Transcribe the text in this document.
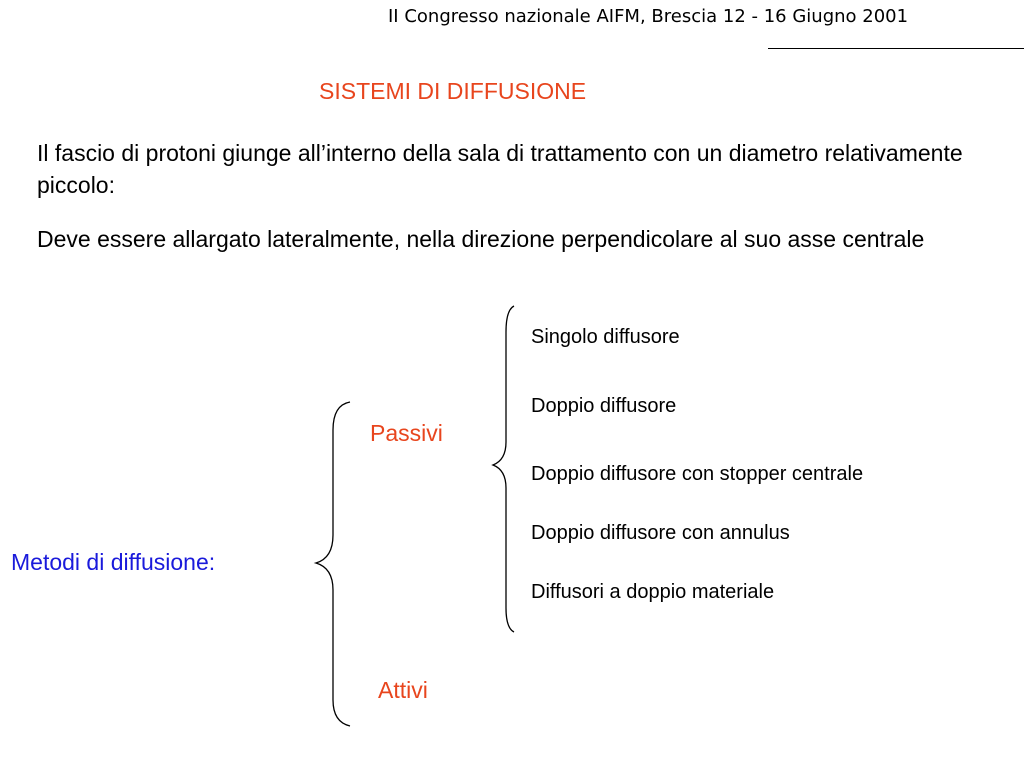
II Congresso nazionale AIFM, Brescia 12 - 16 Giugno 2001
SISTEMI DI DIFFUSIONE
Il fascio di protoni giunge all’interno della sala di trattamento con un diametro relativamente piccolo:
Deve essere allargato lateralmente, nella direzione perpendicolare al suo asse centrale
Metodi di diffusione:
Passivi
Attivi
Singolo diffusore
Doppio diffusore
Doppio diffusore con stopper centrale
Doppio diffusore con annulus
Diffusori a doppio materiale
